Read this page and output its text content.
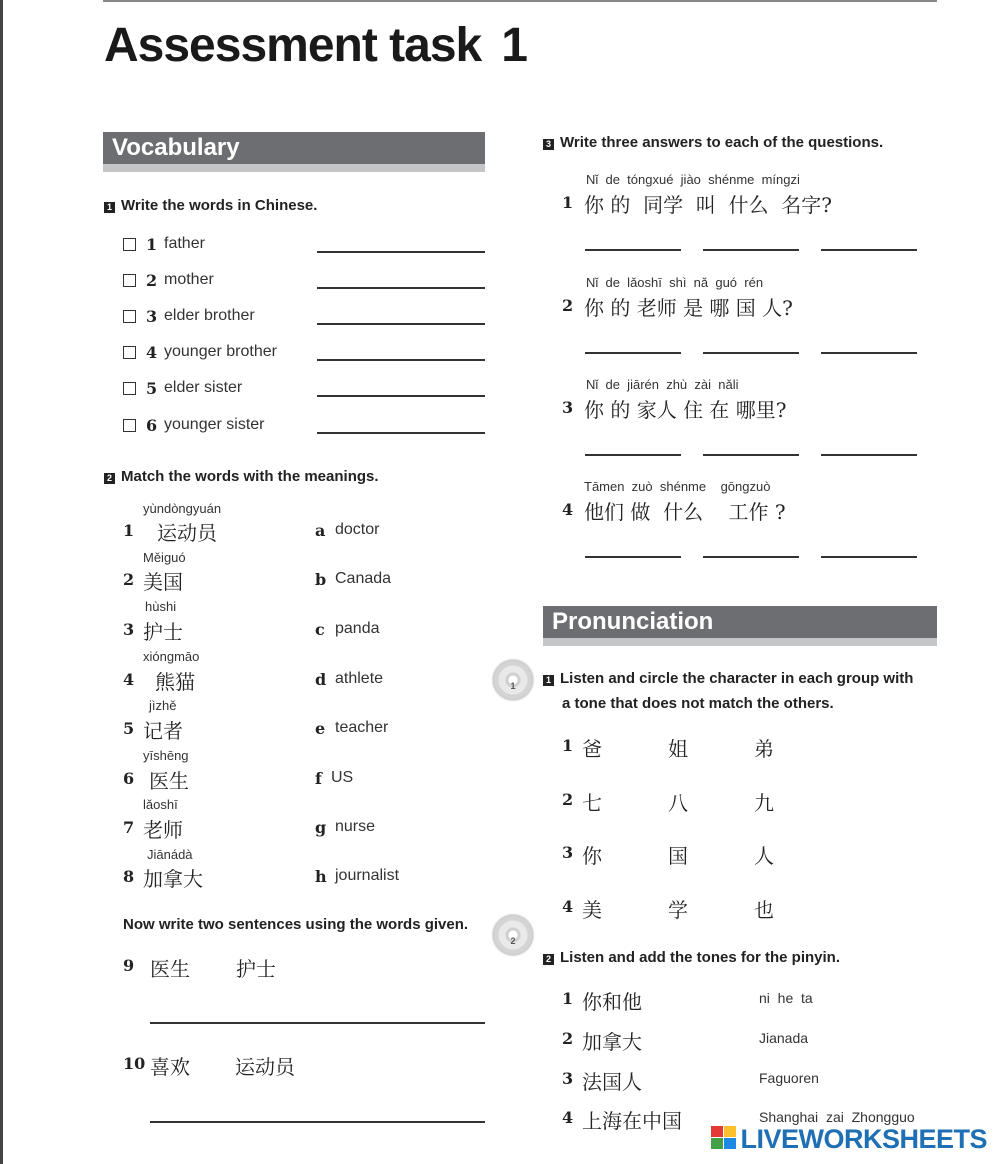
Assessment task 1
Vocabulary
1 Write the words in Chinese.
1 father
2 mother
3 elder brother
4 younger brother
5 elder sister
6 younger sister
2 Match the words with the meanings.
yùndòngyuán
1 运动员	a doctor
Měiguó
2 美国	b Canada
hùshi
3 护士	c panda
xióngmāo
4 熊猫	d athlete
jìzhě
5 记者	e teacher
yīshēng
6 医生	f US
lǎoshī
7 老师	g nurse
Jiānádà
8 加拿大	h journalist
Now write two sentences using the words given.
9 医生 护士
10 喜欢 运动员
3 Write three answers to each of the questions.
Nǐ  de  tóngxué  jiào  shénme  míngzi
1 你 的  同学  叫  什么  名字?
Nǐ  de  lǎoshī  shì  nǎ  guó  rén
2 你 的 老师 是 哪 国 人?
Nǐ  de  jiārén  zhù  zài  nǎli
3 你 的 家人 住 在 哪里?
Tāmen  zuò  shénme    gōngzuò
4 他们 做  什么    工作 ?
Pronunciation
1
1 Listen and circle the character in each group with
a tone that does not match the others.
1 爸	姐	弟
2 七	八	九
3 你	国	人
4 美	学	也
2
2 Listen and add the tones for the pinyin.
1 你和他	ni  he  ta
2 加拿大	Jianada
3 法国人	Faguoren
4 上海在中国	Shanghai  zai  Zhongguo
LIVEWORKSHEETS
